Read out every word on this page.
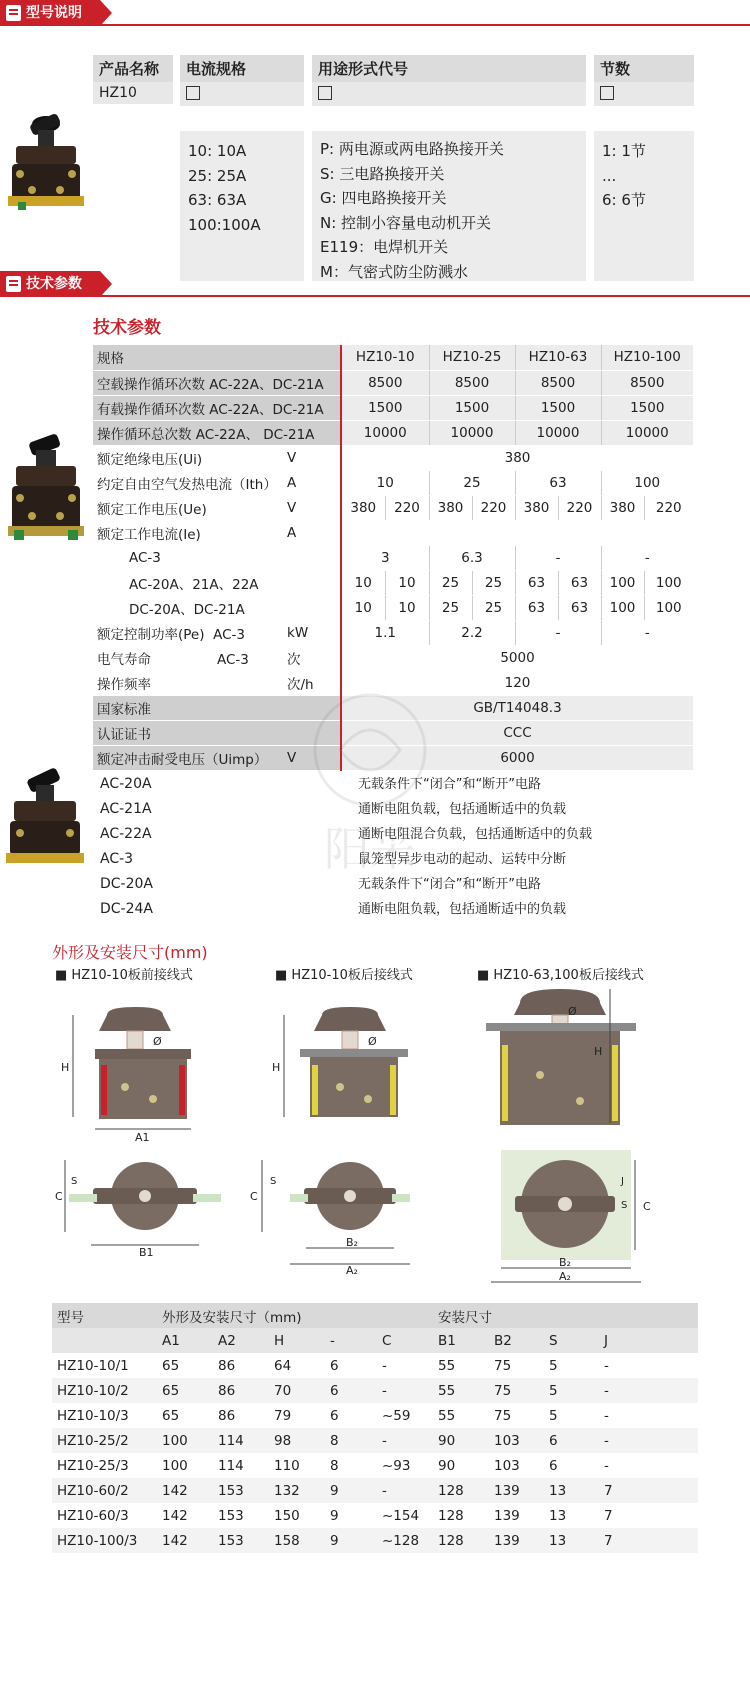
型号说明
产品名称	电流规格	用途形式代号	节数
HZ10
10: 10A
25: 25A
63: 63A
100:100A
P: 两电源或两电路换接开关
S: 三电路换接开关
G: 四电路换接开关
N: 控制小容量电动机开关
E119：电焊机开关
M：气密式防尘防溅水
1: 1节
...
6: 6节
技术参数
技术参数
规格		HZ10-10		HZ10-25		HZ10-63		HZ10-100	
空载操作循环次数 AC-22A、DC-21A		8500		8500		8500		8500	
有载操作循环次数 AC-22A、DC-21A		1500		1500		1500		1500	
操作循环总次数 AC-22A、 DC-21A		10000		10000		10000		10000	
额定绝缘电压(Ui)	V	380							
约定自由空气发热电流（Ith）	A	10		25		63		100	
额定工作电压(Ue)	V	380	220	380	220	380	220	380	220
额定工作电流(Ie)	A								
AC-3		3		6.3		-		-	
AC-20A、21A、22A		10	10	25	25	63	63	100	100
DC-20A、DC-21A		10	10	25	25	63	63	100	100
额定控制功率(Pe) AC-3	kW	1.1		2.2		-		-	
电气寿命 AC-3	次	5000							
操作频率	次/h	120							
国家标准		GB/T14048.3							
认证证书		CCC							
额定冲击耐受电压（Uimp）	V	6000							
AC-20A	无载条件下“闭合”和“断开”电路
AC-21A	通断电阻负载，包括通断适中的负载
AC-22A	通断电阻混合负载，包括通断适中的负载
AC-3	鼠笼型异步电动的起动、运转中分断
DC-20A	无载条件下“闭合”和“断开”电路
DC-24A	通断电阻负载，包括通断适中的负载
阳采
外形及安装尺寸(mm)
■ HZ10-10板前接线式	■ HZ10-10板后接线式	■ HZ10-63,100板后接线式
H
Ø
A1
H
Ø
H
Ø
C
S
B1
C
S
B₂
A₂
C
S
J
B₂
A₂
型号	外形及安装尺寸（mm)					安装尺寸			
	A1	A2	H	-	C	B1	B2	S	J
HZ10-10/1	65	86	64	6	-	55	75	5	-
HZ10-10/2	65	86	70	6	-	55	75	5	-
HZ10-10/3	65	86	79	6	~59	55	75	5	-
HZ10-25/2	100	114	98	8	-	90	103	6	-
HZ10-25/3	100	114	110	8	~93	90	103	6	-
HZ10-60/2	142	153	132	9	-	128	139	13	7
HZ10-60/3	142	153	150	9	~154	128	139	13	7
HZ10-100/3	142	153	158	9	~128	128	139	13	7
